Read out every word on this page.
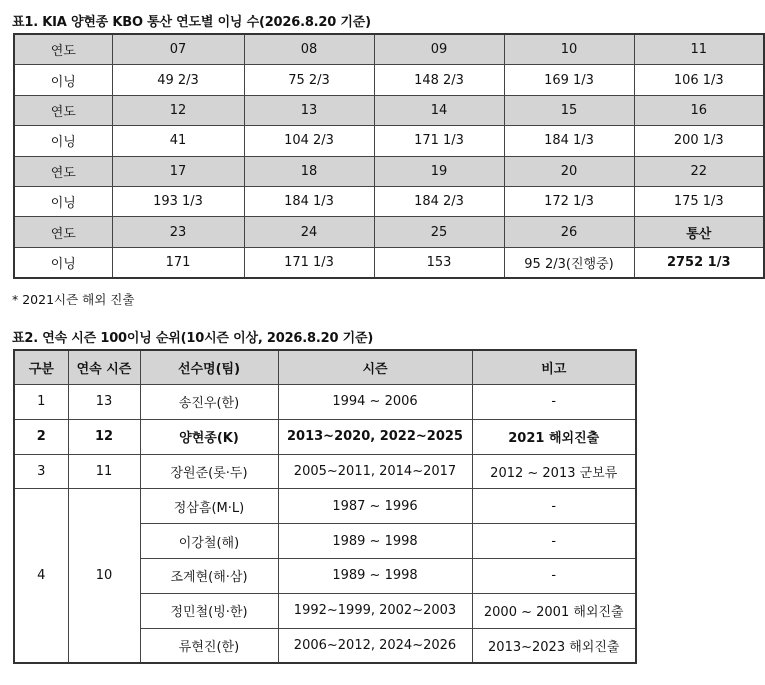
표1. KIA 양현종 KBO 통산 연도별 이닝 수(2026.8.20 기준)
연도	07	08	09	10	11
이닝	49 2/3	75 2/3	148 2/3	169 1/3	106 1/3
연도	12	13	14	15	16
이닝	41	104 2/3	171 1/3	184 1/3	200 1/3
연도	17	18	19	20	22
이닝	193 1/3	184 1/3	184 2/3	172 1/3	175 1/3
연도	23	24	25	26	통산
이닝	171	171 1/3	153	95 2/3(진행중)	2752 1/3
* 2021시즌 해외 진출
표2. 연속 시즌 100이닝 순위(10시즌 이상, 2026.8.20 기준)
구분	연속 시즌	선수명(팀)	시즌	비고
1	13	송진우(한)	1994 ~ 2006	-
2	12	양현종(K)	2013~2020, 2022~2025	2021 해외진출
3	11	장원준(롯·두)	2005~2011, 2014~2017	2012 ~ 2013 군보류
4	10	정삼흠(M·L)	1987 ~ 1996	-
		이강철(해)	1989 ~ 1998	-
		조계현(해·삼)	1989 ~ 1998	-
		정민철(빙·한)	1992~1999, 2002~2003	2000 ~ 2001 해외진출
		류현진(한)	2006~2012, 2024~2026	2013~2023 해외진출
